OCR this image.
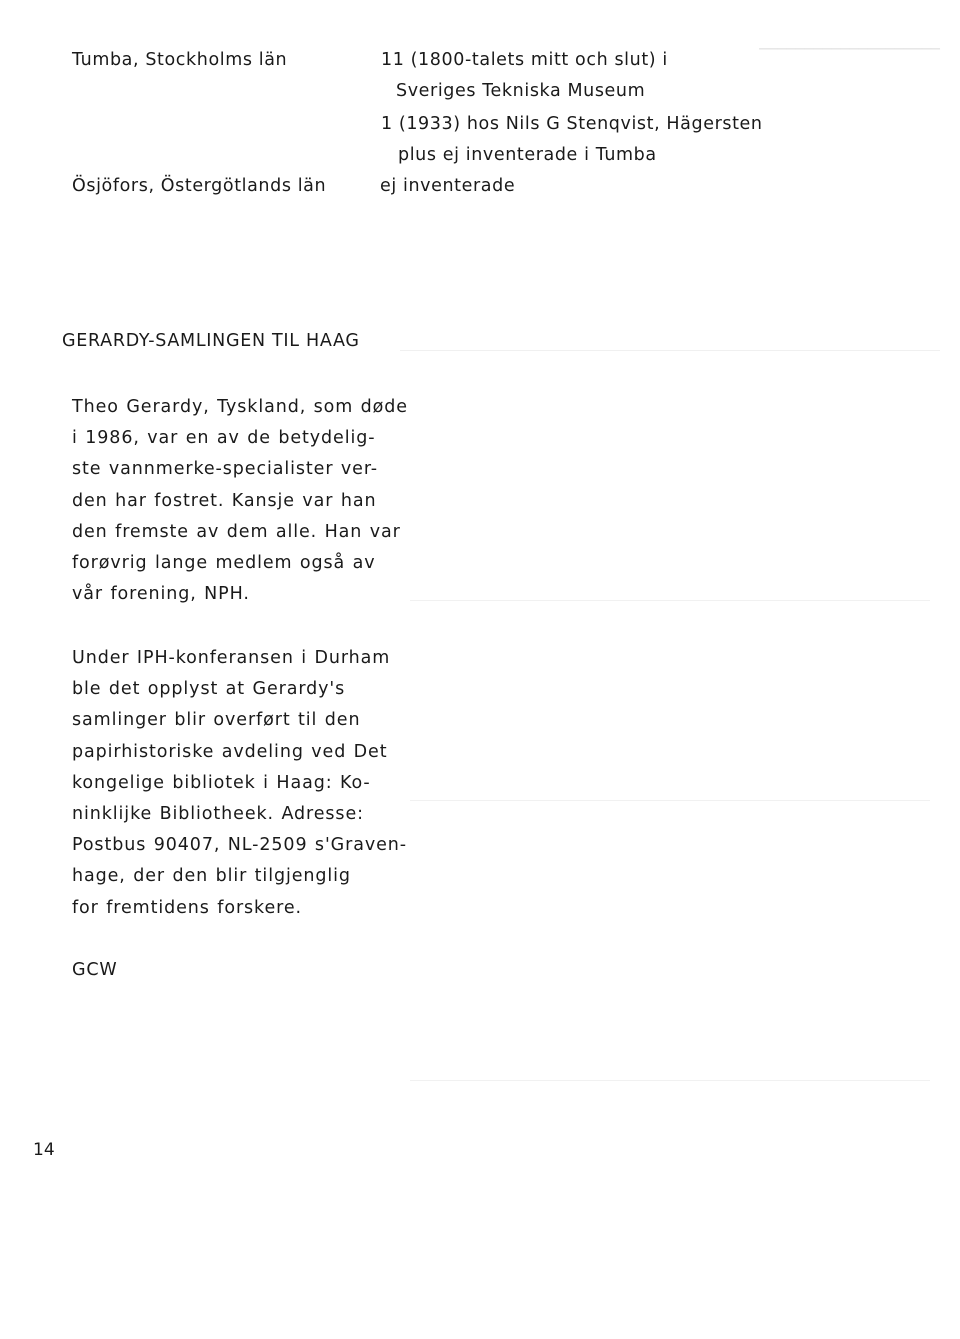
​────────────────────
Tumba, Stockholms län	11 (1800-talets mitt och slut) i
Sveriges Tekniska Museum
1 (1933) hos Nils G Stenqvist, Hägersten
plus ej inventerade i Tumba
Ösjöfors, Östergötlands län	ej inventerade
GERARDY-SAMLINGEN TIL HAAG
Theo Gerardy, Tyskland, som døde
i 1986, var en av de betydelig-
ste vannmerke-specialister ver-
den har fostret. Kansje var han
den fremste av dem alle. Han var
forøvrig lange medlem også av
vår forening, NPH.
Under IPH-konferansen i Durham
ble det opplyst at Gerardy's
samlinger blir overført til den
papirhistoriske avdeling ved Det
kongelige bibliotek i Haag: Ko-
ninklijke Bibliotheek. Adresse:
Postbus 90407, NL-2509 s'Graven-
hage, der den blir tilgjenglig
for fremtidens forskere.
GCW
14
